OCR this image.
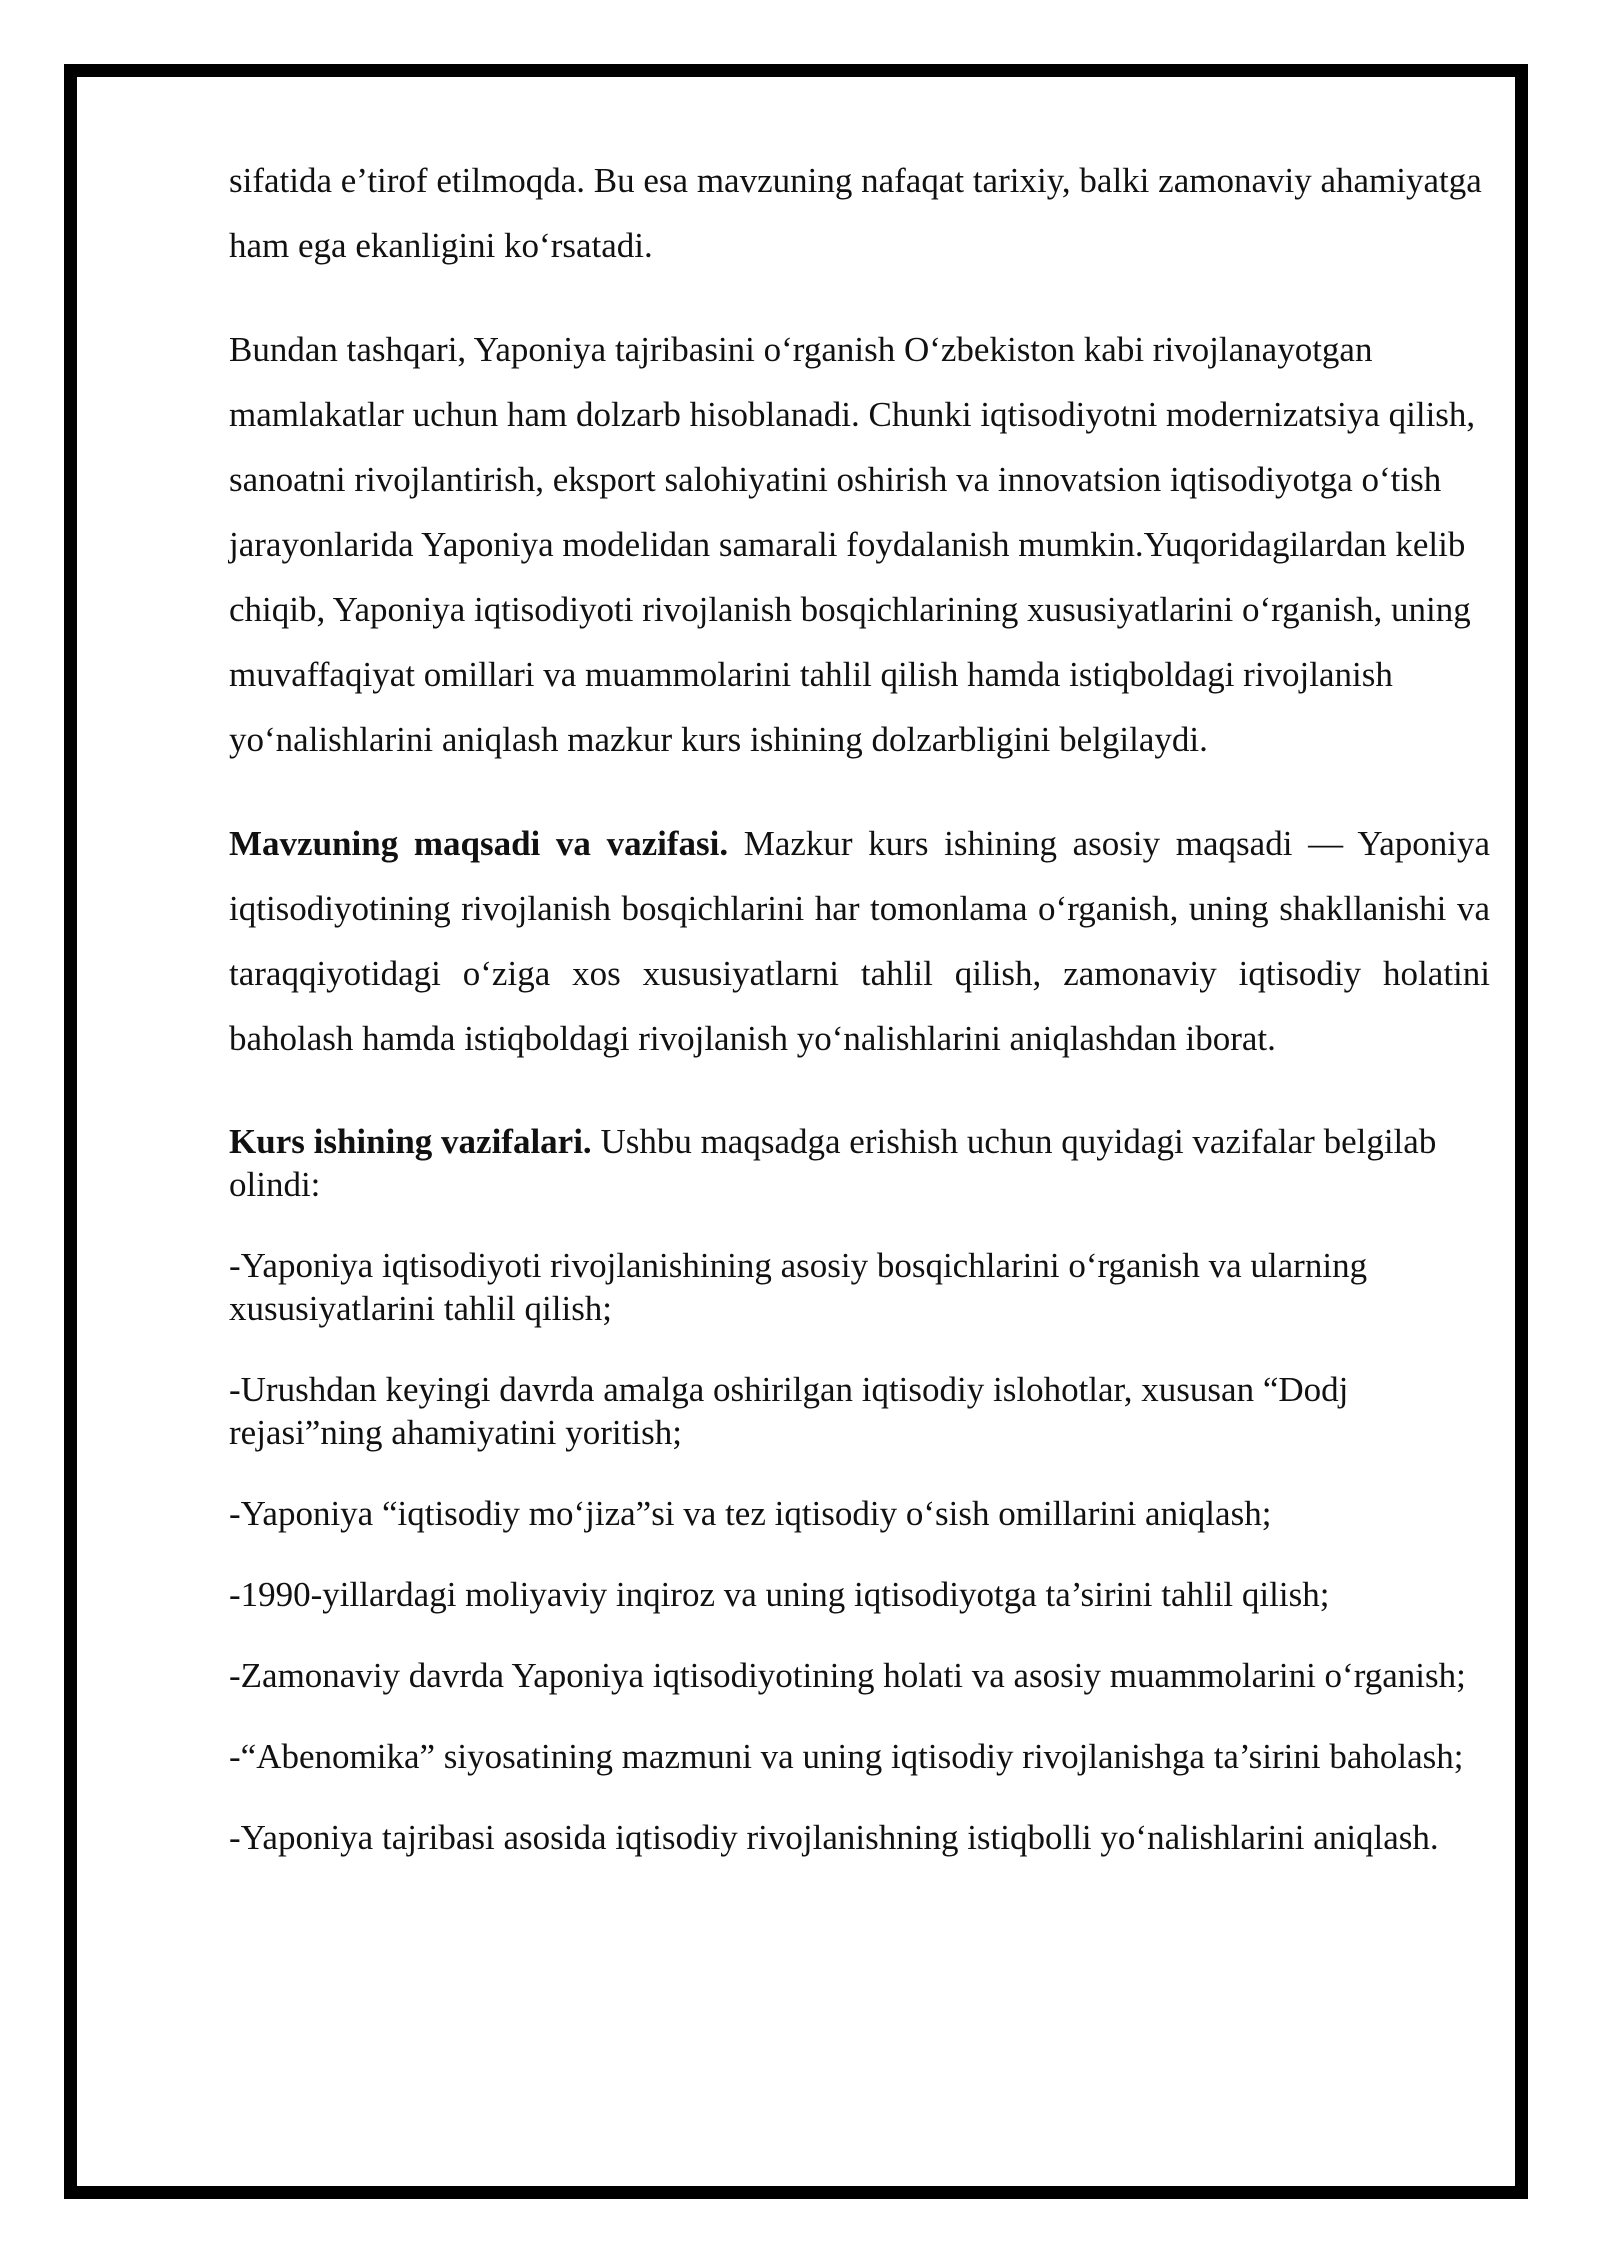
sifatida e’tirof etilmoqda. Bu esa mavzuning nafaqat tarixiy, balki zamonaviy ahamiyatga ham ega ekanligini ko‘rsatadi.

Bundan tashqari, Yaponiya tajribasini o‘rganish O‘zbekiston kabi rivojlanayotgan mamlakatlar uchun ham dolzarb hisoblanadi. Chunki iqtisodiyotni modernizatsiya qilish, sanoatni rivojlantirish, eksport salohiyatini oshirish va innovatsion iqtisodiyotga o‘tish jarayonlarida Yaponiya modelidan samarali foydalanish mumkin.Yuqoridagilardan kelib chiqib, Yaponiya iqtisodiyoti rivojlanish bosqichlarining xususiyatlarini o‘rganish, uning muvaffaqiyat omillari va muammolarini tahlil qilish hamda istiqboldagi rivojlanish yo‘nalishlarini aniqlash mazkur kurs ishining dolzarbligini belgilaydi.

Mavzuning maqsadi va vazifasi. Mazkur kurs ishining asosiy maqsadi — Yaponiya iqtisodiyotining rivojlanish bosqichlarini har tomonlama o‘rganish, uning shakllanishi va taraqqiyotidagi o‘ziga xos xususiyatlarni tahlil qilish, zamonaviy iqtisodiy holatini baholash hamda istiqboldagi rivojlanish yo‘nalishlarini aniqlashdan iborat.

Kurs ishining vazifalari. Ushbu maqsadga erishish uchun quyidagi vazifalar belgilab olindi:

-Yaponiya iqtisodiyoti rivojlanishining asosiy bosqichlarini o‘rganish va ularning xususiyatlarini tahlil qilish;

-Urushdan keyingi davrda amalga oshirilgan iqtisodiy islohotlar, xususan “Dodj rejasi”ning ahamiyatini yoritish;

-Yaponiya “iqtisodiy mo‘jiza”si va tez iqtisodiy o‘sish omillarini aniqlash;

-1990-yillardagi moliyaviy inqiroz va uning iqtisodiyotga ta’sirini tahlil qilish;

-Zamonaviy davrda Yaponiya iqtisodiyotining holati va asosiy muammolarini o‘rganish;

-“Abenomika” siyosatining mazmuni va uning iqtisodiy rivojlanishga ta’sirini baholash;

-Yaponiya tajribasi asosida iqtisodiy rivojlanishning istiqbolli yo‘nalishlarini aniqlash.
